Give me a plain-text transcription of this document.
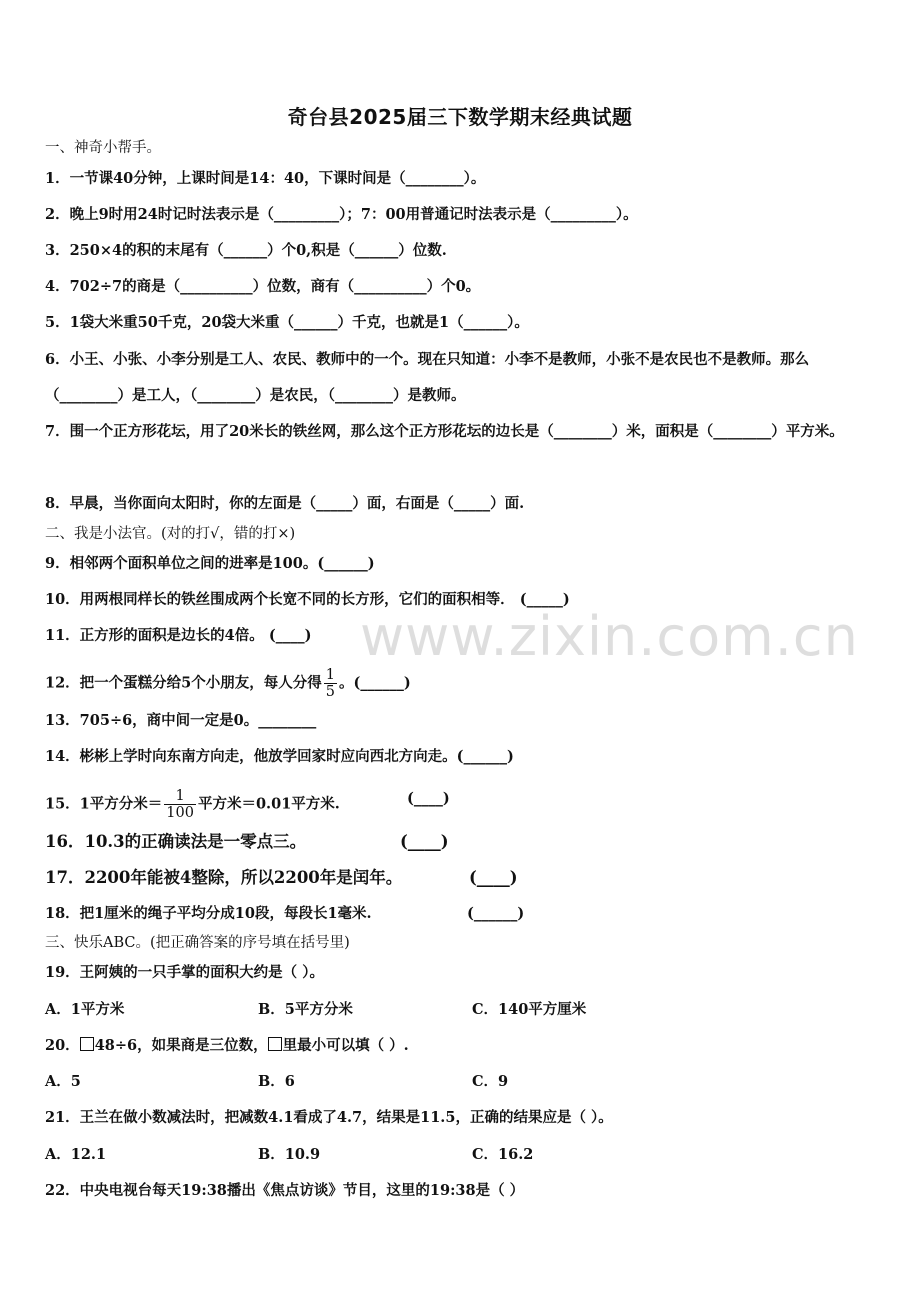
奇台县2025届三下数学期末经典试题
www.zixin.com.cn
一、神奇小帮手。
1．一节课40分钟，上课时间是14：40，下课时间是（________）。
2．晚上9时用24时记时法表示是（_________）；7：00用普通记时法表示是（_________）。
3．250×4的积的末尾有（______）个0,积是（______）位数.
4．702÷7的商是（__________）位数，商有（__________）个0。
5．1袋大米重50千克，20袋大米重（______）千克，也就是1（______）。
6．小王、小张、小李分别是工人、农民、教师中的一个。现在只知道：小李不是教师，小张不是农民也不是教师。那么（________）是工人，（________）是农民，（________）是教师。
7．围一个正方形花坛，用了20米长的铁丝网，那么这个正方形花坛的边长是（________）米，面积是（________）平方米。
8．早晨，当你面向太阳时，你的左面是（_____）面，右面是（_____）面.
二、我是小法官。(对的打√，错的打×)
9．相邻两个面积单位之间的进率是100。(______)
10．用两根同样长的铁丝围成两个长宽不同的长方形，它们的面积相等． (_____)
11．正方形的面积是边长的4倍。 (____)
12．把一个蛋糕分给5个小朋友，每人分得 $\frac{1}{5}$ 。(______)
13．705÷6，商中间一定是0。________
14．彬彬上学时向东南方向走，他放学回家时应向西北方向走。(______)
15．1平方分米＝ $\frac{1}{100}$ 平方米＝0.01平方米.	(____)
16．10.3的正确读法是一零点三。	(____)
17．2200年能被4整除，所以2200年是闰年。	(____)
18．把1厘米的绳子平均分成10段，每段长1毫米.	(______)
三、快乐ABC。(把正确答案的序号填在括号里)
19．王阿姨的一只手掌的面积大约是（ ）。
A．1平方米	B．5平方分米	C．140平方厘米
20． 48÷6，如果商是三位数， 里最小可以填（ ）.
A．5	B．6	C．9
21．王兰在做小数减法时，把减数4.1看成了4.7，结果是11.5，正确的结果应是（ ）。
A．12.1	B．10.9	C．16.2
22．中央电视台每天19:38播出《焦点访谈》节目，这里的19:38是（ ）
